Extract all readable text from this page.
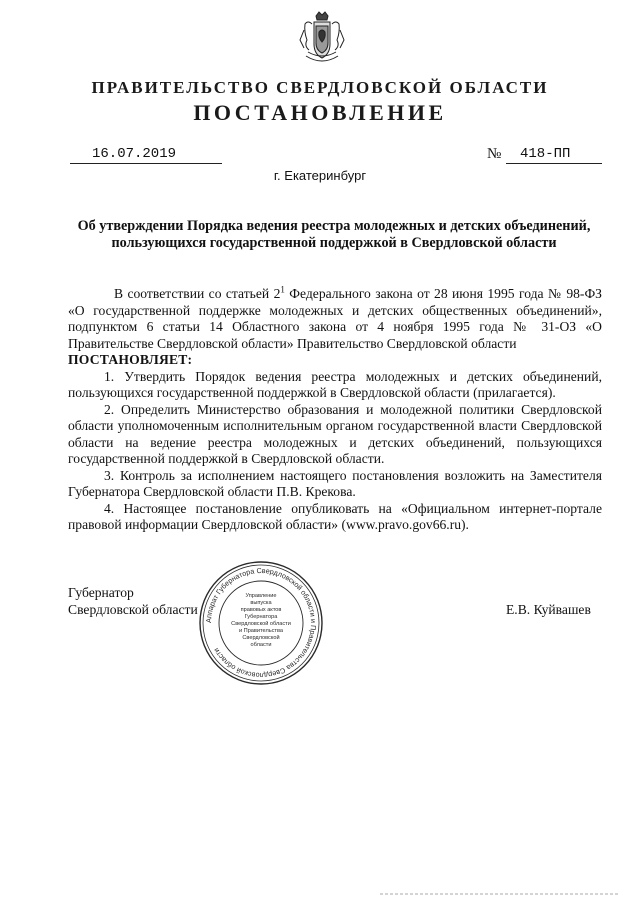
ПРАВИТЕЛЬСТВО СВЕРДЛОВСКОЙ ОБЛАСТИ
ПОСТАНОВЛЕНИЕ
16.07.2019	№	418-ПП
г. Екатеринбург
Об утверждении Порядка ведения реестра молодежных и детских объединений, пользующихся государственной поддержкой в Свердловской области

В соответствии со статьей $2^1$ Федерального закона от 28 июня 1995 года № 98-ФЗ «О государственной поддержке молодежных и детских общественных объединений», подпунктом 6 статьи 14 Областного закона от 4 ноября 1995 года № 31-ОЗ «О Правительстве Свердловской области» Правительство Свердловской области

ПОСТАНОВЛЯЕТ:

1. Утвердить Порядок ведения реестра молодежных и детских объединений, пользующихся государственной поддержкой в Свердловской области (прилагается).

2. Определить Министерство образования и молодежной политики Свердловской области уполномоченным исполнительным органом государственной власти Свердловской области на ведение реестра молодежных и детских объединений, пользующихся государственной поддержкой в Свердловской области.

3. Контроль за исполнением настоящего постановления возложить на Заместителя Губернатора Свердловской области П.В. Крекова.

4. Настоящее постановление опубликовать на «Официальном интернет-портале правовой информации Свердловской области» (www.pravo.gov66.ru).

Губернатор
Свердловской области	Е.В. Куйвашев
Аппарат Губернатора Свердловской области и Правительства Свердловской области
Управление
выпуска
правовых актов
Губернатора
Свердловской области
и Правительства
Свердловской
области
